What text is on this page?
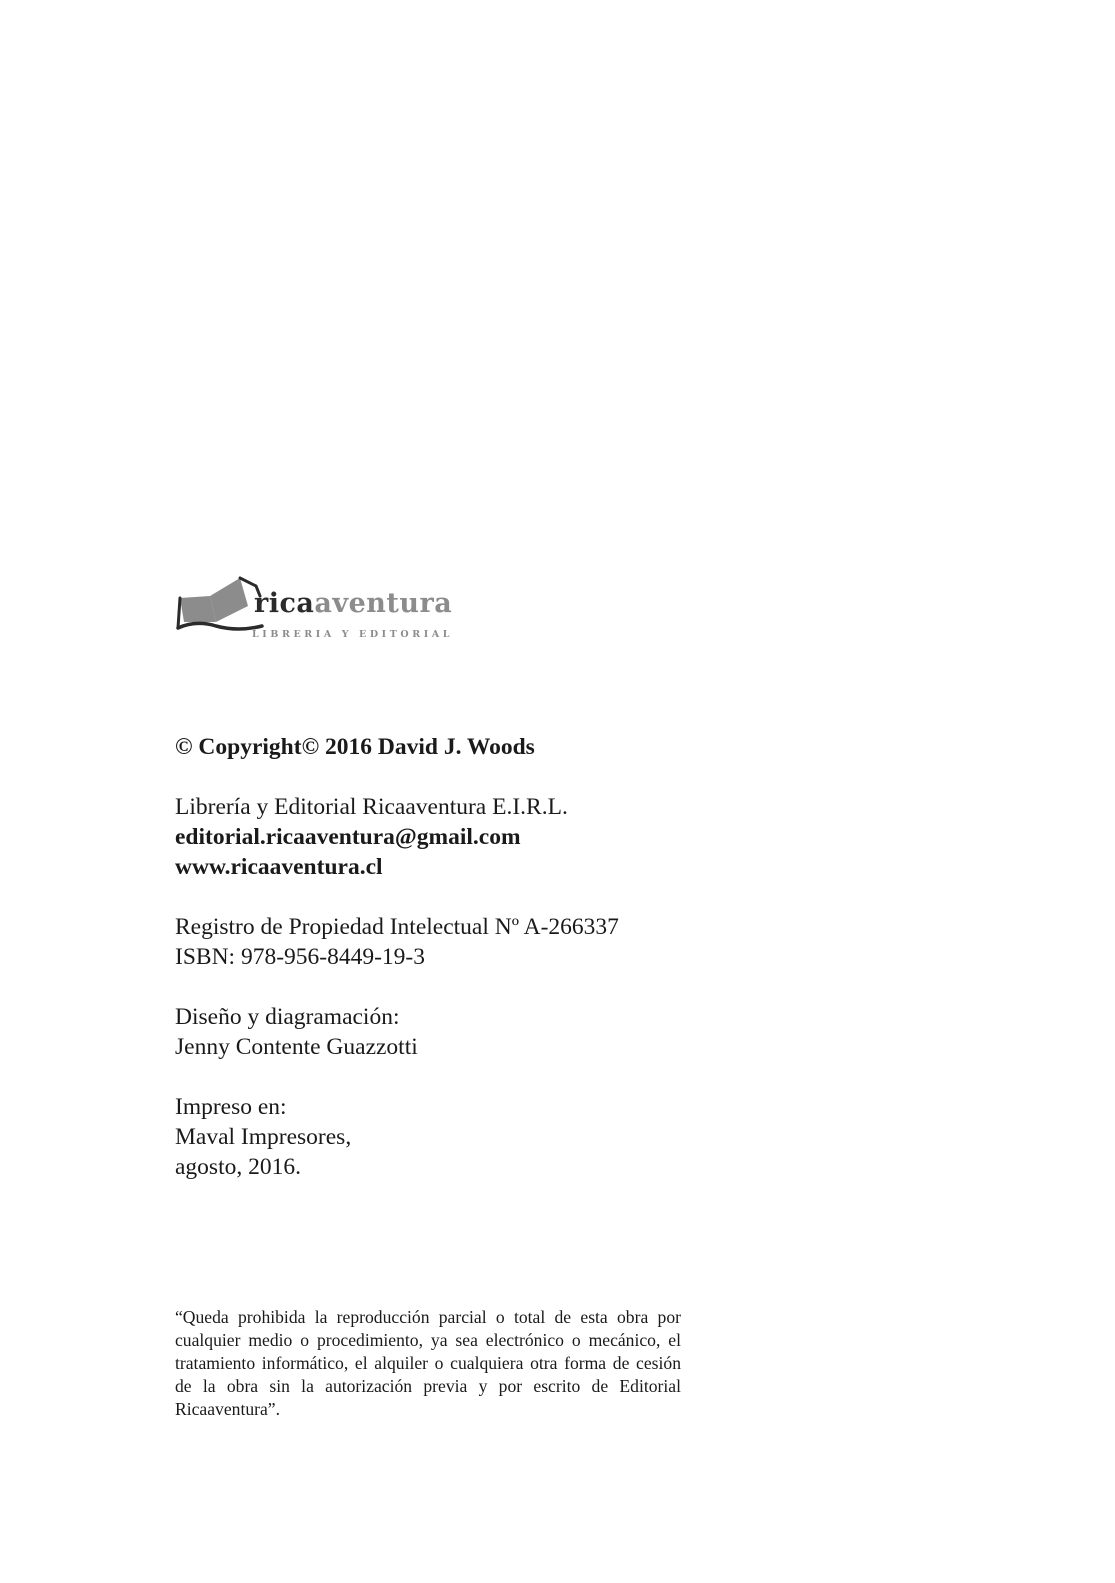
ricaaventura
LIBRERIA Y EDITORIAL
© Copyright© 2016 David J. Woods
Librería y Editorial Ricaaventura E.I.R.L.
editorial.ricaaventura@gmail.com
www.ricaaventura.cl
Registro de Propiedad Intelectual Nº A-266337
ISBN: 978-956-8449-19-3
Diseño y diagramación:
Jenny Contente Guazzotti
Impreso en:
Maval Impresores,
agosto, 2016.
“Queda prohibida la reproducción parcial o total de esta obra por cualquier medio o procedimiento, ya sea electrónico o mecánico, el tratamiento informático, el alquiler o cualquiera otra forma de cesión de la obra sin la autorización previa y por escrito de Editorial Ricaaventura”.
